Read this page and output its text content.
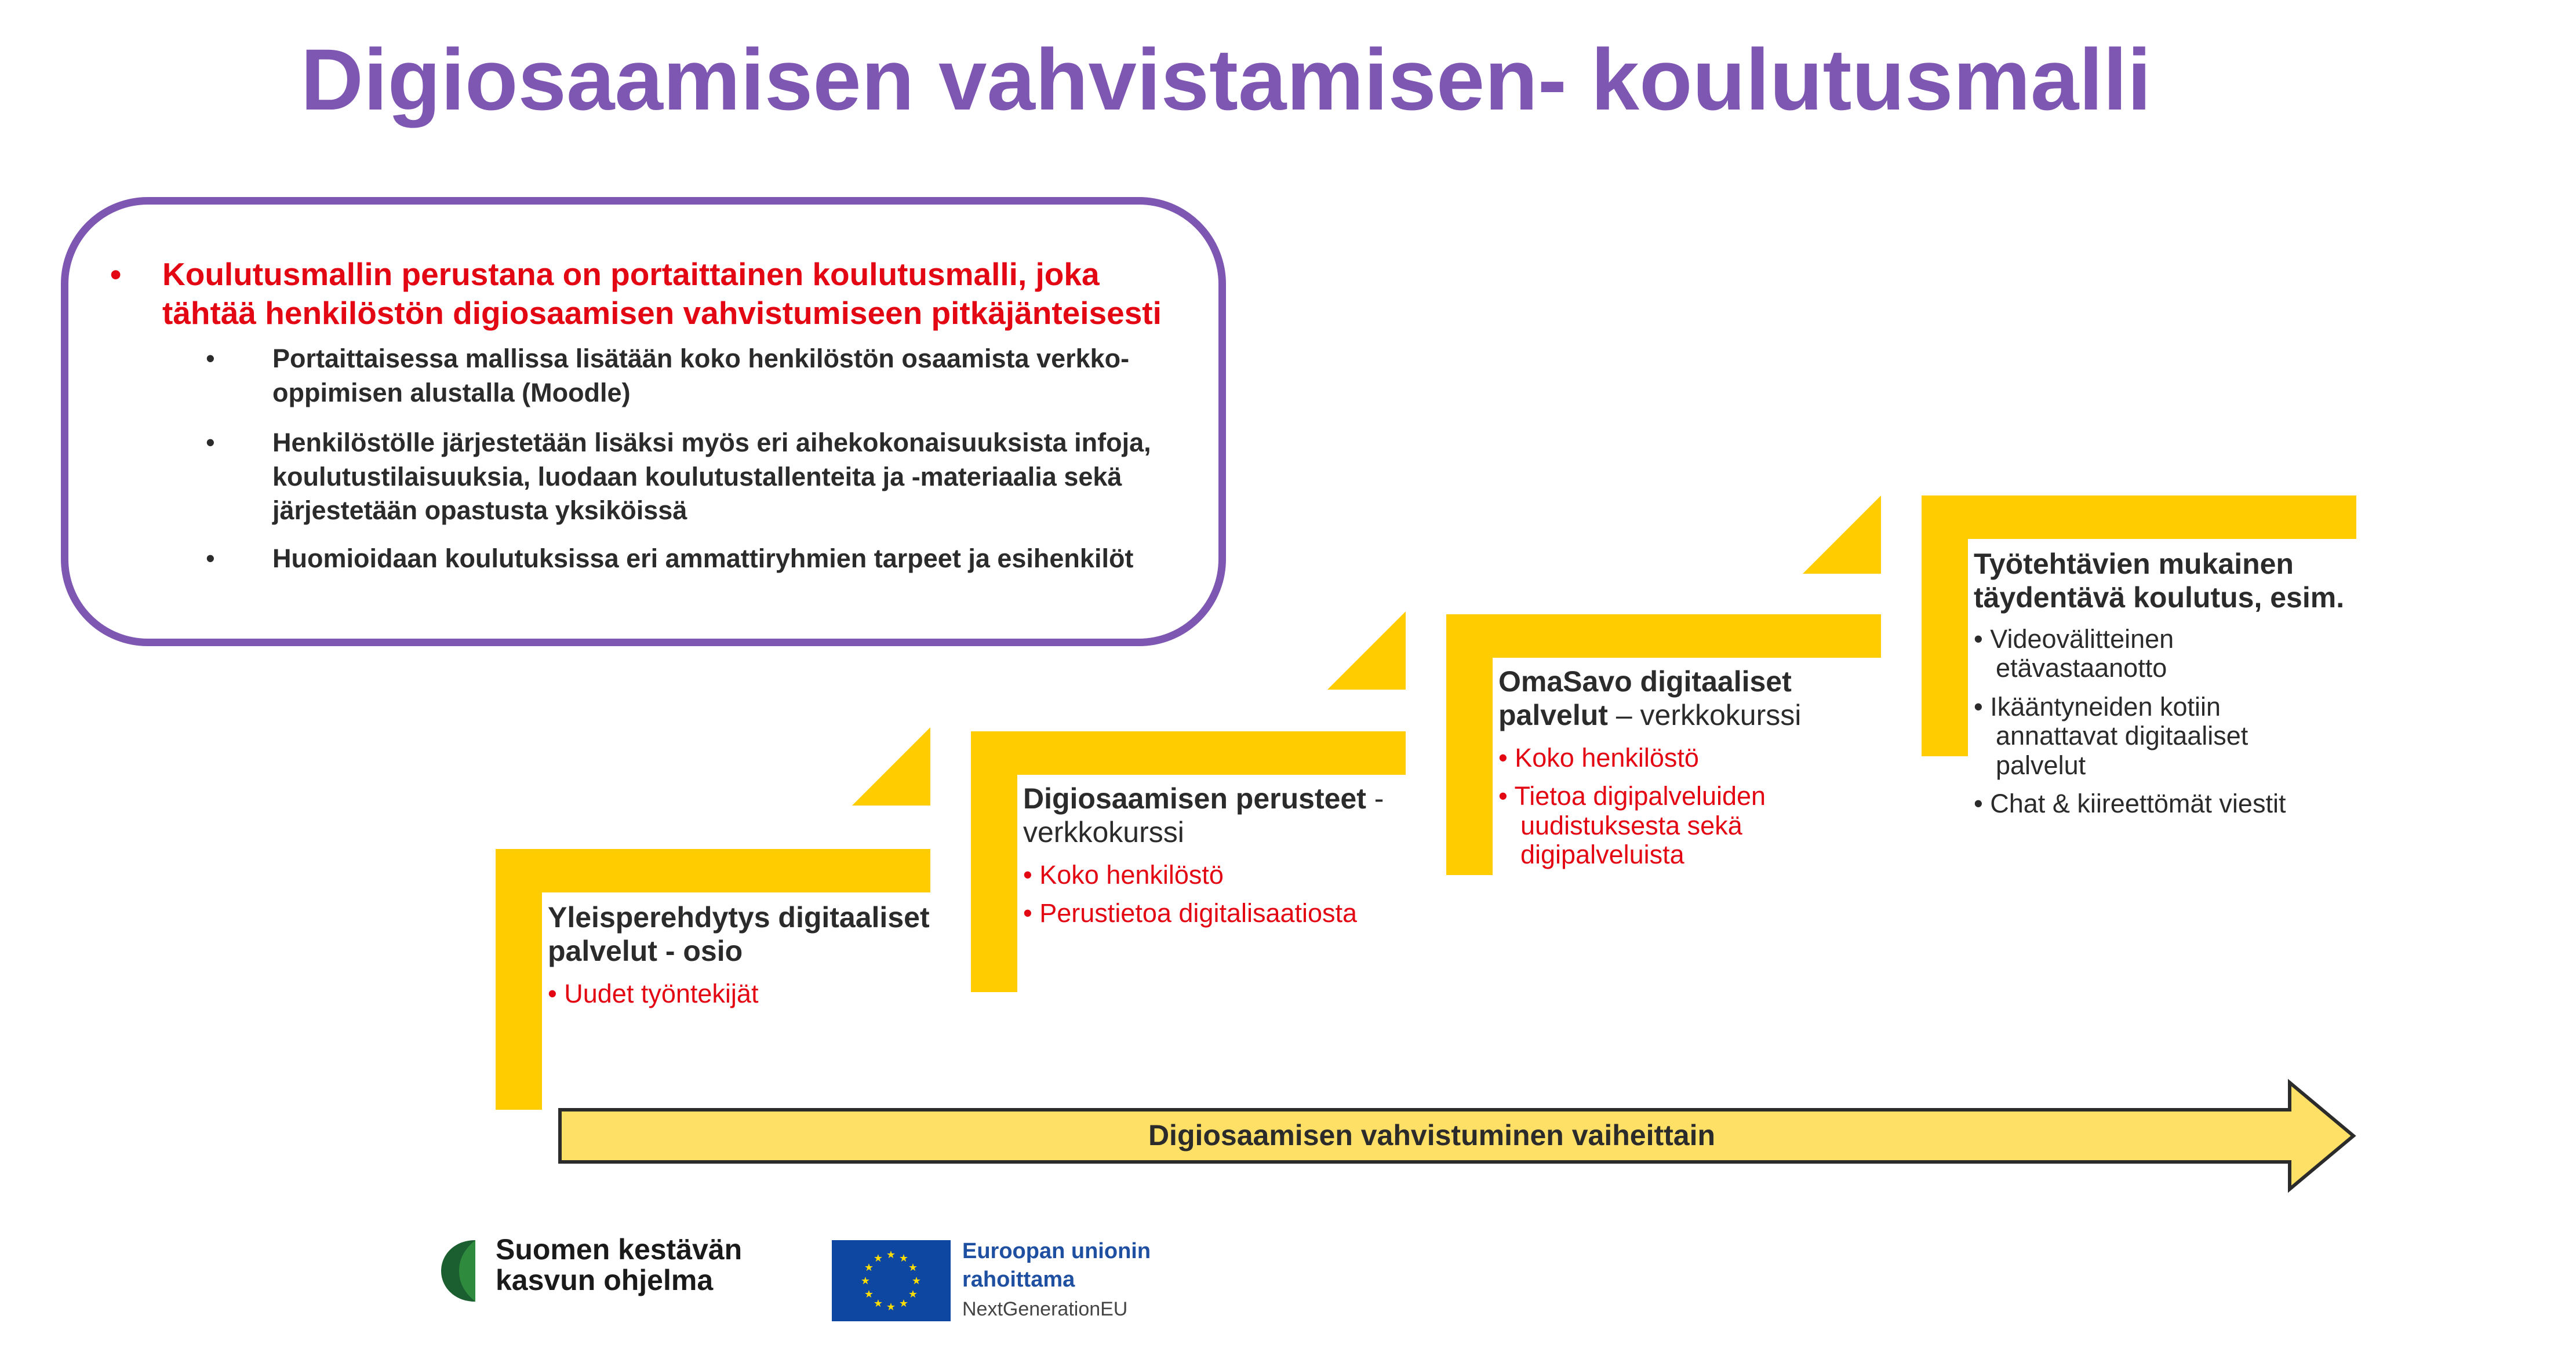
Digiosaamisen vahvistamisen- koulutusmalli
•	Koulutusmallin perustana on portaittainen koulutusmalli, joka tähtää henkilöstön digiosaamisen vahvistumiseen pitkäjänteisesti
•	Portaittaisessa mallissa lisätään koko henkilöstön osaamista verkko-oppimisen alustalla (Moodle)
•	Henkilöstölle järjestetään lisäksi myös eri aihekokonaisuuksista infoja, koulutustilaisuuksia, luodaan koulutustallenteita ja -materiaalia sekä järjestetään opastusta yksiköissä
•	Huomioidaan koulutuksissa eri ammattiryhmien tarpeet ja esihenkilöt
Yleisperehdytys digitaaliset palvelut - osio
• Uudet työntekijät
Digiosaamisen perusteet - verkkokurssi
• Koko henkilöstö
• Perustietoa digitalisaatiosta
OmaSavo digitaaliset palvelut – verkkokurssi
• Koko henkilöstö
• Tietoa digipalveluiden uudistuksesta sekä digipalveluista
Työtehtävien mukainen täydentävä koulutus, esim.
• Videovälitteinen etävastaanotto
• Ikääntyneiden kotiin annattavat digitaaliset palvelut
• Chat & kiireettömät viestit
Digiosaamisen vahvistuminen vaiheittain
Suomen kestävän kasvun ohjelma
★ ★
★
★
★
★
★
★
★
★
★
★	Euroopan unionin rahoittama
NextGenerationEU
